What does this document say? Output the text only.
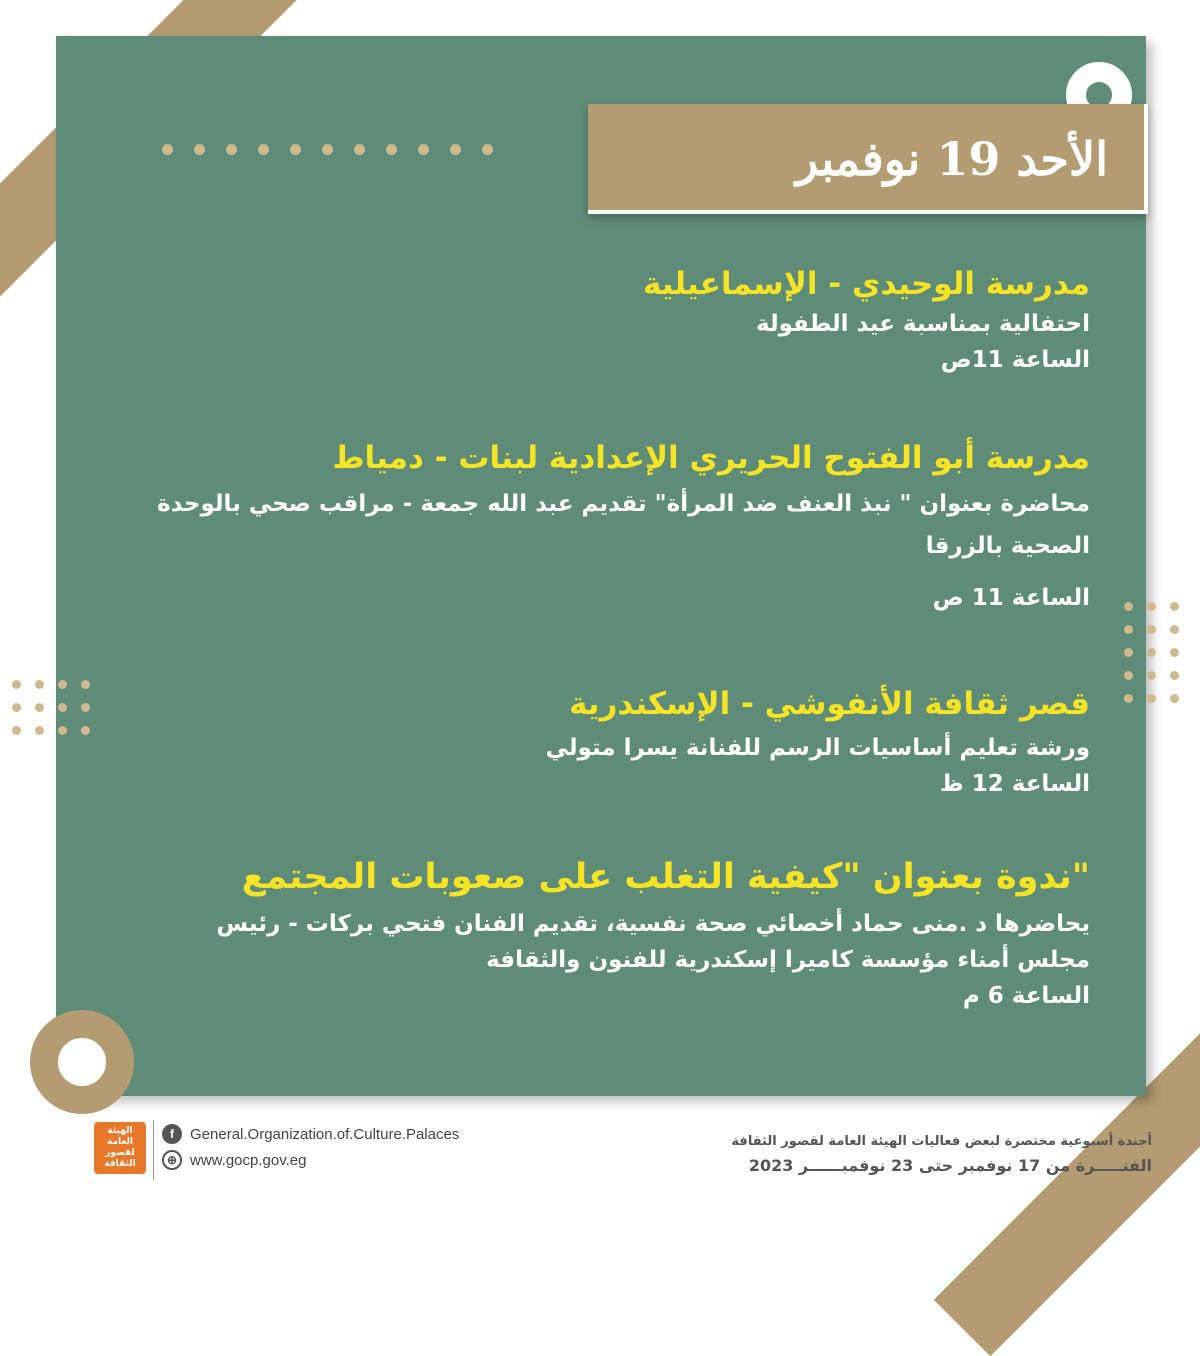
الأحد 19 نوفمبر
مدرسة الوحيدي - الإسماعيلية
احتفالية بمناسبة عيد الطفولة
الساعة 11ص
مدرسة أبو الفتوح الحريري الإعدادية لبنات - دمياط
محاضرة بعنوان " نبذ العنف ضد المرأة" تقديم عبد الله جمعة - مراقب صحي بالوحدة
الصحية بالزرقا
الساعة 11 ص
قصر ثقافة الأنفوشي - الإسكندرية
ورشة تعليم أساسيات الرسم للفنانة يسرا متولي
الساعة 12 ظ
"ندوة بعنوان "كيفية التغلب على صعوبات المجتمع
يحاضرها د .منى حماد أخصائي صحة نفسية، تقديم الفنان فتحي بركات - رئيس
مجلس أمناء مؤسسة كاميرا إسكندرية للفنون والثقافة
الساعة 6 م
الهيئة العامة لقصور الثقافة
f	General.Organization.of.Culture.Palaces
⊕ www.gocp.gov.eg
أجندة أسبوعية مختصرة لبعض فعاليات الهيئة العامة لقصور الثقافة
الفتـــــرة من 17 نوفمبر حتى 23 نوفمبــــــر 2023
